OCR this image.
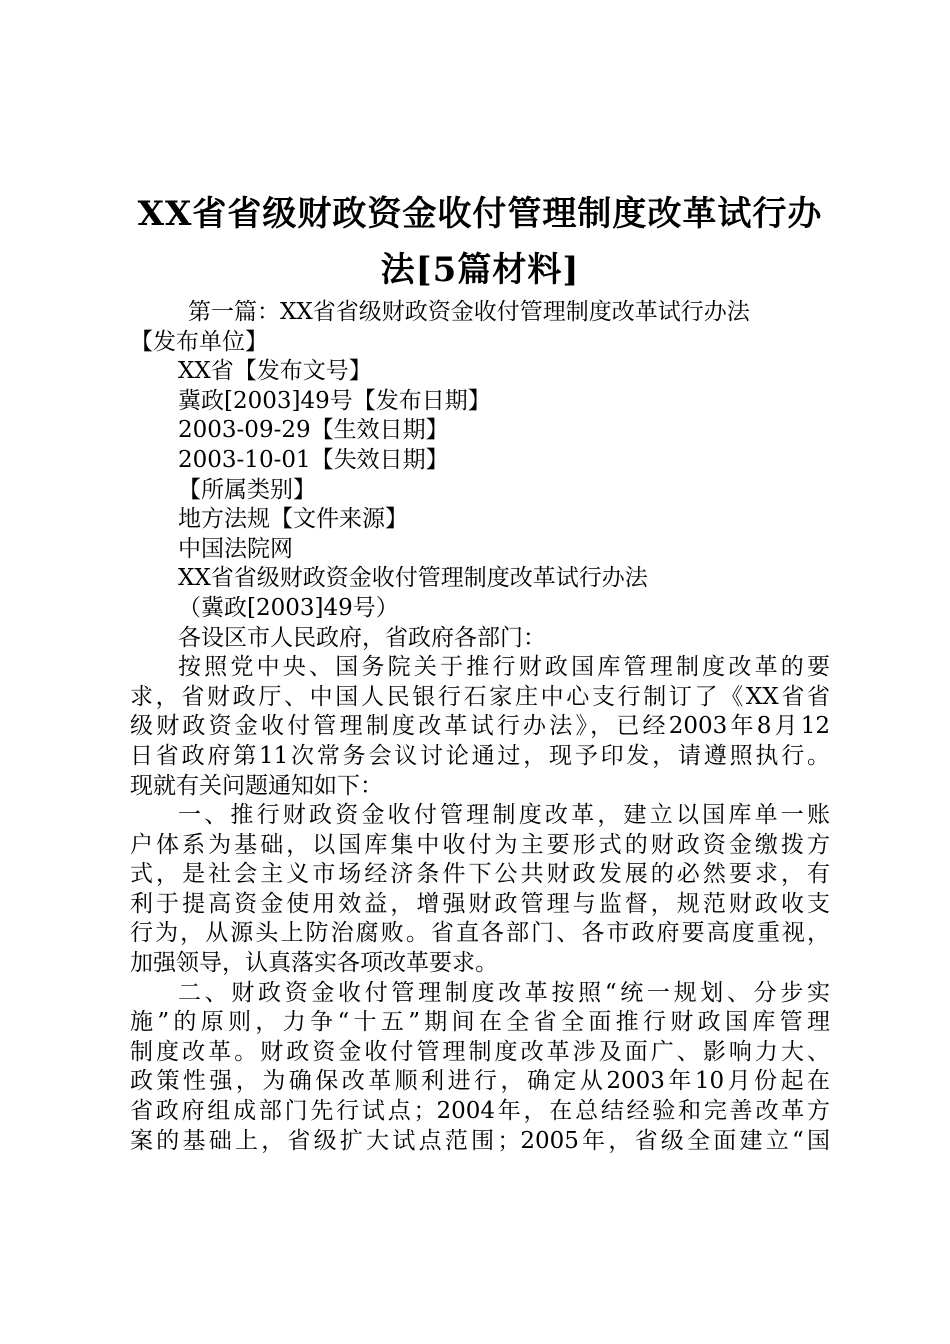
XX省省级财政资金收付管理制度改革试行办
法[5篇材料]
第一篇：XX省省级财政资金收付管理制度改革试行办法
【发布单位】
XX省【发布文号】
冀政[2003]49号【发布日期】
2003-09-29【生效日期】
2003-10-01【失效日期】
【所属类别】
地方法规【文件来源】
中国法院网
XX省省级财政资金收付管理制度改革试行办法
（冀政[2003]49号）
各设区市人民政府，省政府各部门：
按照党中央、国务院关于推行财政国库管理制度改革的要
求，省财政厅、中国人民银行石家庄中心支行制订了《XX省省
级财政资金收付管理制度改革试行办法》，已经2003年8月12
日省政府第11次常务会议讨论通过，现予印发，请遵照执行。
现就有关问题通知如下：
一、推行财政资金收付管理制度改革，建立以国库单一账
户体系为基础，以国库集中收付为主要形式的财政资金缴拨方
式，是社会主义市场经济条件下公共财政发展的必然要求，有
利于提高资金使用效益，增强财政管理与监督，规范财政收支
行为，从源头上防治腐败。省直各部门、各市政府要高度重视，
加强领导，认真落实各项改革要求。
二、财政资金收付管理制度改革按照“统一规划、分步实
施”的原则，力争“十五”期间在全省全面推行财政国库管理
制度改革。财政资金收付管理制度改革涉及面广、影响力大、
政策性强，为确保改革顺利进行，确定从2003年10月份起在
省政府组成部门先行试点；2004年，在总结经验和完善改革方
案的基础上，省级扩大试点范围；2005年，省级全面建立“国
